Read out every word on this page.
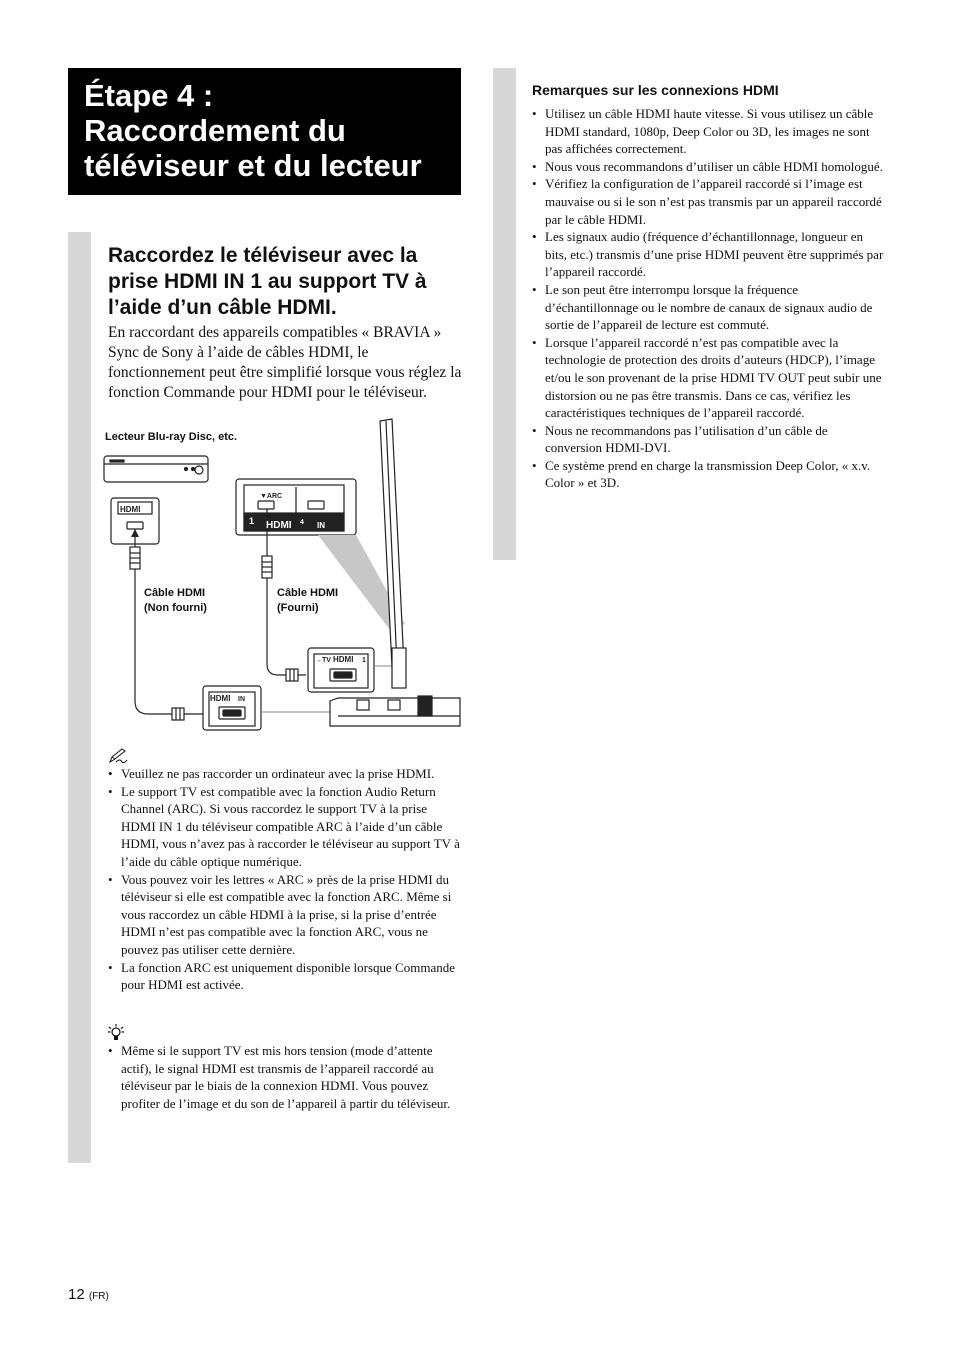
Étape 4 :
Raccordement du
téléviseur et du lecteur
Raccordez le téléviseur avec la
prise HDMI IN 1 au support TV à
l’aide d’un câble HDMI.

En raccordant des appareils compatibles « BRAVIA » Sync de Sony à l’aide de câbles HDMI, le fonctionnement peut être simplifié lorsque vous réglez la fonction Commande pour HDMI pour le téléviseur.

HDMI
▼ARC
1	4
HDMI	IN
→TV HDMI 1
HDMI IN
Lecteur Blu-ray Disc, etc.
Câble HDMI
(Non fourni)
Câble HDMI
(Fourni)
• Veuillez ne pas raccorder un ordinateur avec la prise HDMI.
• Le support TV est compatible avec la fonction Audio Return Channel (ARC). Si vous raccordez le support TV à la prise HDMI IN 1 du téléviseur compatible ARC à l’aide d’un câble HDMI, vous n’avez pas à raccorder le téléviseur au support TV à l’aide du câble optique numérique.
• Vous pouvez voir les lettres « ARC » près de la prise HDMI du téléviseur si elle est compatible avec la fonction ARC. Même si vous raccordez un câble HDMI à la prise, si la prise d’entrée HDMI n’est pas compatible avec la fonction ARC, vous ne pouvez pas utiliser cette dernière.
• La fonction ARC est uniquement disponible lorsque Commande pour HDMI est activée.
• Même si le support TV est mis hors tension (mode d’attente actif), le signal HDMI est transmis de l’appareil raccordé au téléviseur par le biais de la connexion HDMI. Vous pouvez profiter de l’image et du son de l’appareil à partir du téléviseur.
Remarques sur les connexions HDMI
• Utilisez un câble HDMI haute vitesse. Si vous utilisez un câble HDMI standard, 1080p, Deep Color ou 3D, les images ne sont pas affichées correctement.
• Nous vous recommandons d’utiliser un câble HDMI homologué.
• Vérifiez la configuration de l’appareil raccordé si l’image est mauvaise ou si le son n’est pas transmis par un appareil raccordé par le câble HDMI.
• Les signaux audio (fréquence d’échantillonnage, longueur en bits, etc.) transmis d’une prise HDMI peuvent être supprimés par l’appareil raccordé.
• Le son peut être interrompu lorsque la fréquence d’échantillonnage ou le nombre de canaux de signaux audio de sortie de l’appareil de lecture est commuté.
• Lorsque l’appareil raccordé n’est pas compatible avec la technologie de protection des droits d’auteurs (HDCP), l’image et/ou le son provenant de la prise HDMI TV OUT peut subir une distorsion ou ne pas être transmis. Dans ce cas, vérifiez les caractéristiques techniques de l’appareil raccordé.
• Nous ne recommandons pas l’utilisation d’un câble de conversion HDMI-DVI.
• Ce système prend en charge la transmission Deep Color, « x.v. Color » et 3D.
12 (FR)
